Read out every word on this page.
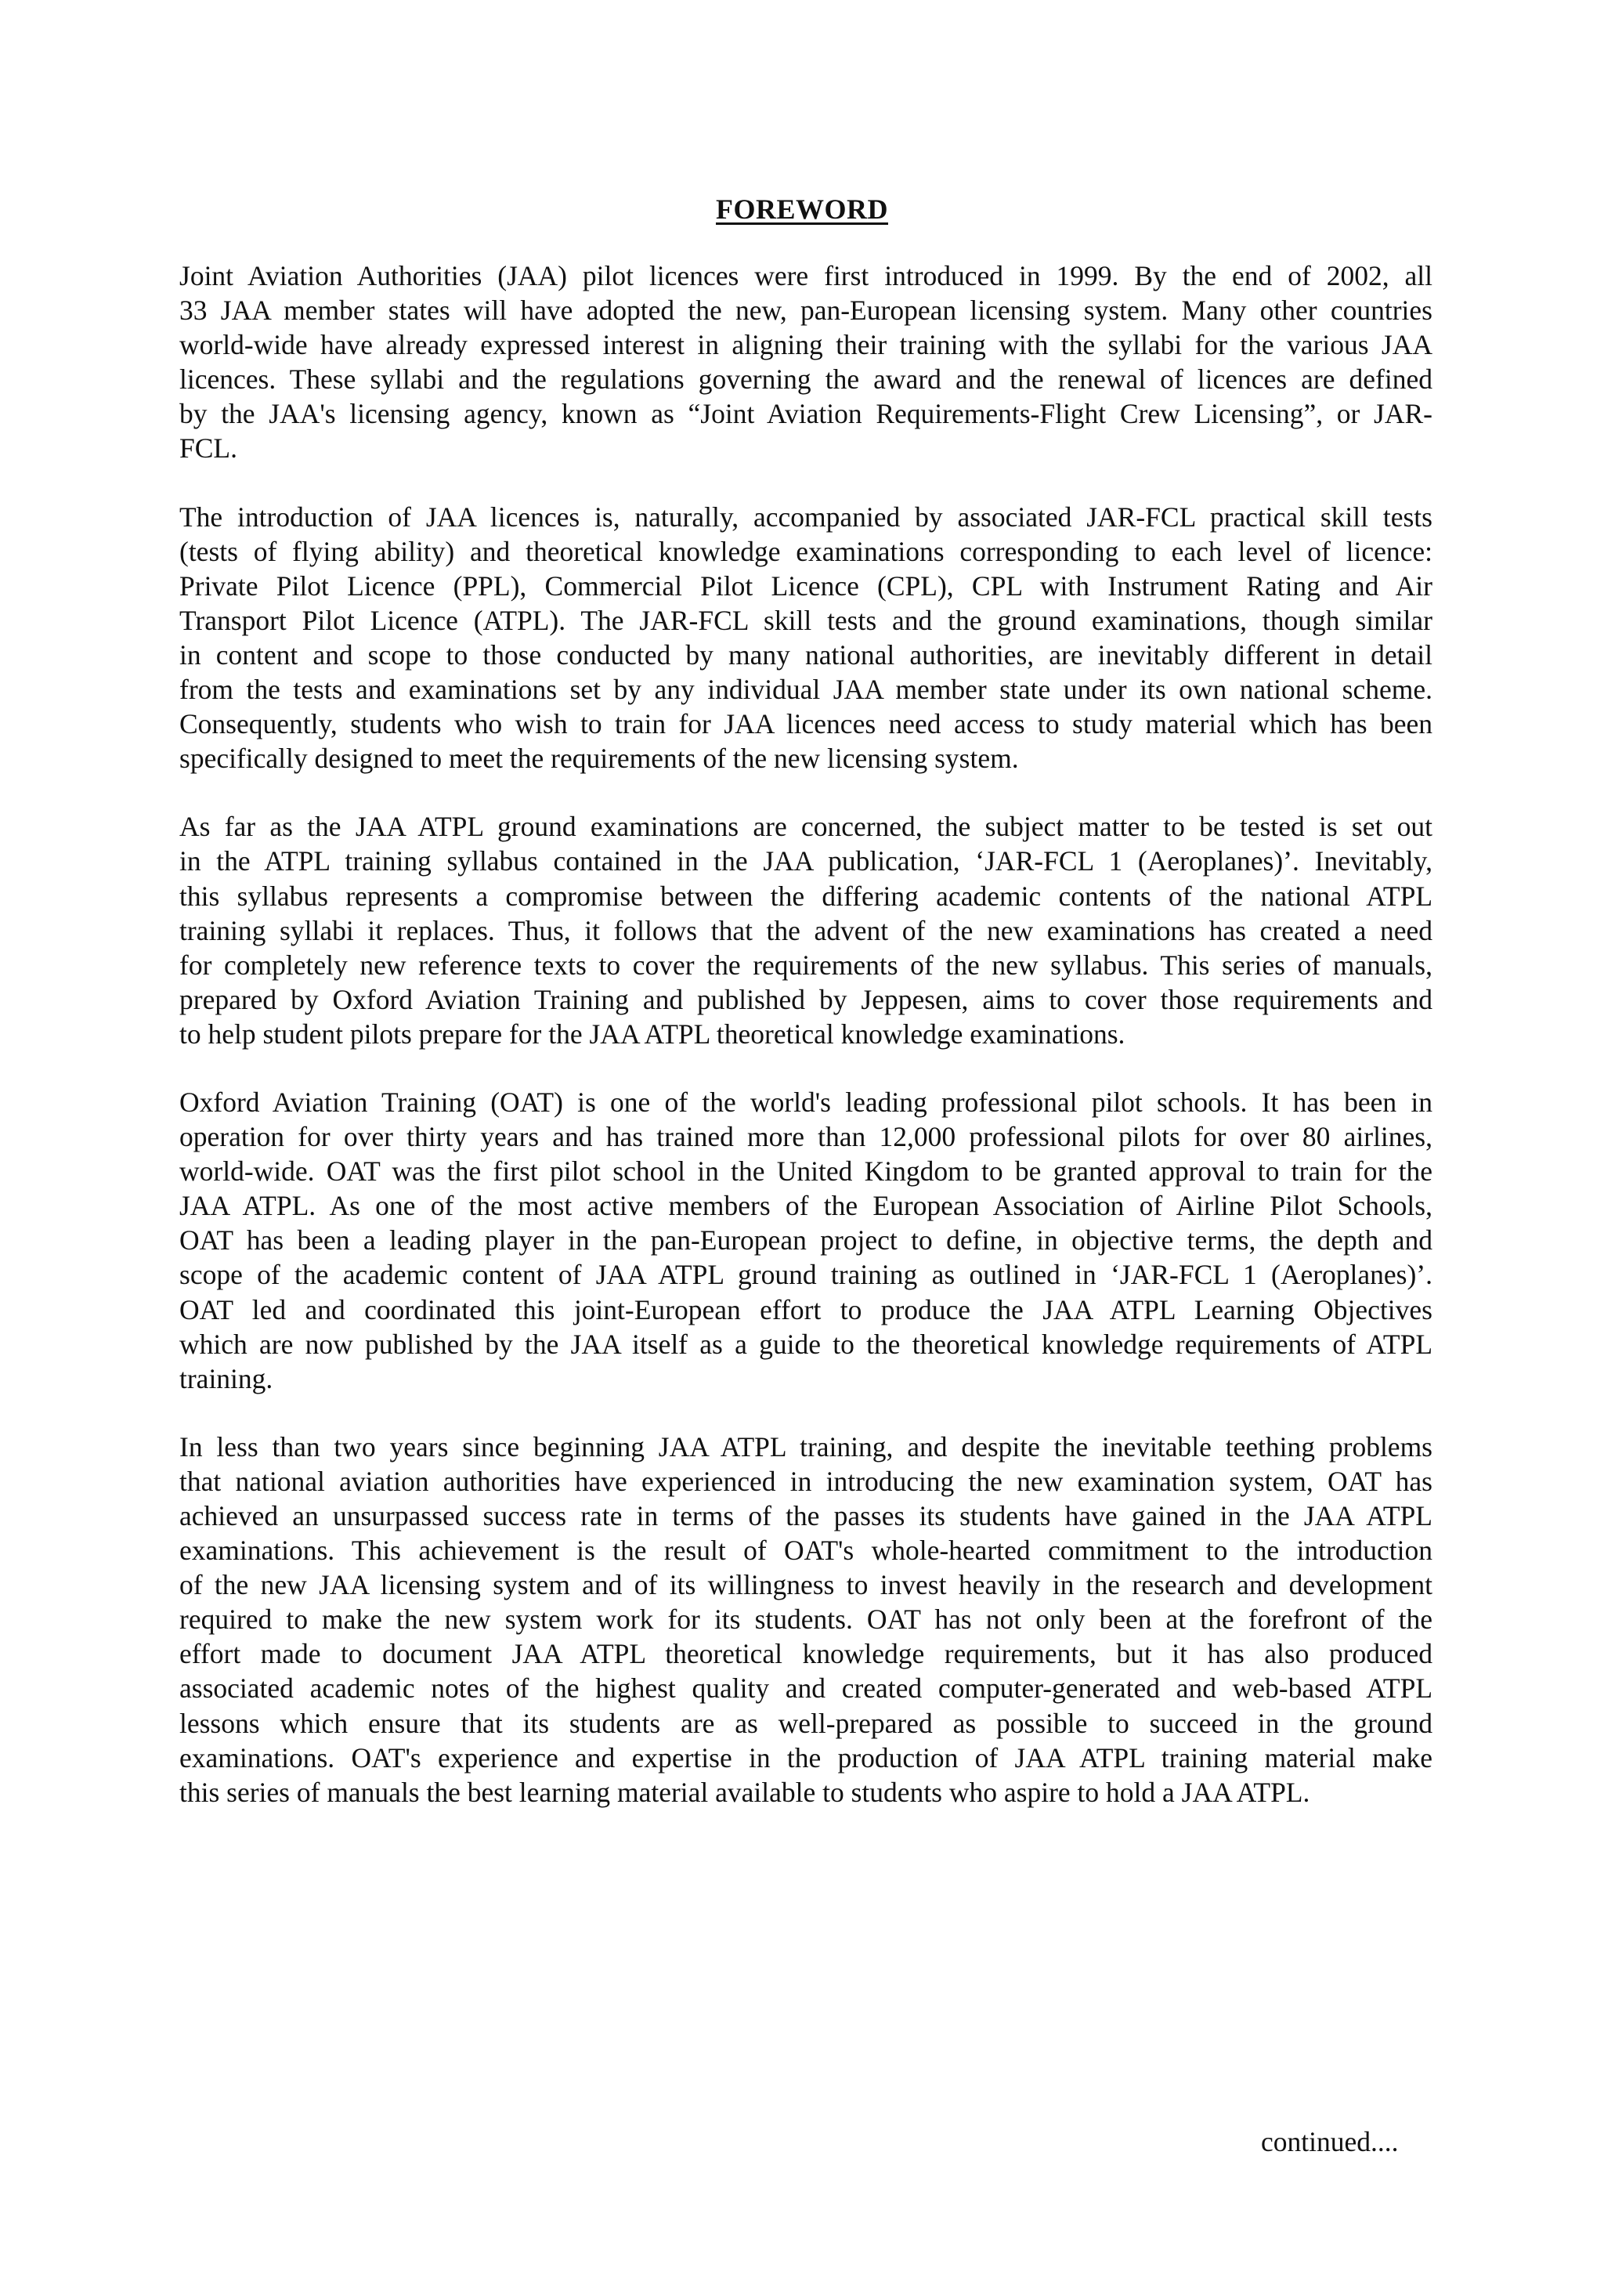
FOREWORD
Joint Aviation Authorities (JAA) pilot licences were first introduced in 1999. By the end of 2002, all
33 JAA member states will have adopted the new, pan-European licensing system. Many other countries
world-wide have already expressed interest in aligning their training with the syllabi for the various JAA
licences. These syllabi and the regulations governing the award and the renewal of licences are defined
by the JAA's licensing agency, known as “Joint Aviation Requirements-Flight Crew Licensing”, or JAR-
FCL.
The introduction of JAA licences is, naturally, accompanied by associated JAR-FCL practical skill tests
(tests of flying ability) and theoretical knowledge examinations corresponding to each level of licence:
Private Pilot Licence (PPL), Commercial Pilot Licence (CPL), CPL with Instrument Rating and Air
Transport Pilot Licence (ATPL). The JAR-FCL skill tests and the ground examinations, though similar
in content and scope to those conducted by many national authorities, are inevitably different in detail
from the tests and examinations set by any individual JAA member state under its own national scheme.
Consequently, students who wish to train for JAA licences need access to study material which has been
specifically designed to meet the requirements of the new licensing system.
As far as the JAA ATPL ground examinations are concerned, the subject matter to be tested is set out
in the ATPL training syllabus contained in the JAA publication, ‘JAR-FCL 1 (Aeroplanes)’. Inevitably,
this syllabus represents a compromise between the differing academic contents of the national ATPL
training syllabi it replaces. Thus, it follows that the advent of the new examinations has created a need
for completely new reference texts to cover the requirements of the new syllabus. This series of manuals,
prepared by Oxford Aviation Training and published by Jeppesen, aims to cover those requirements and
to help student pilots prepare for the JAA ATPL theoretical knowledge examinations.
Oxford Aviation Training (OAT) is one of the world's leading professional pilot schools. It has been in
operation for over thirty years and has trained more than 12,000 professional pilots for over 80 airlines,
world-wide. OAT was the first pilot school in the United Kingdom to be granted approval to train for the
JAA ATPL. As one of the most active members of the European Association of Airline Pilot Schools,
OAT has been a leading player in the pan-European project to define, in objective terms, the depth and
scope of the academic content of JAA ATPL ground training as outlined in ‘JAR-FCL 1 (Aeroplanes)’.
OAT led and coordinated this joint-European effort to produce the JAA ATPL Learning Objectives
which are now published by the JAA itself as a guide to the theoretical knowledge requirements of ATPL
training.
In less than two years since beginning JAA ATPL training, and despite the inevitable teething problems
that national aviation authorities have experienced in introducing the new examination system, OAT has
achieved an unsurpassed success rate in terms of the passes its students have gained in the JAA ATPL
examinations. This achievement is the result of OAT's whole-hearted commitment to the introduction
of the new JAA licensing system and of its willingness to invest heavily in the research and development
required to make the new system work for its students. OAT has not only been at the forefront of the
effort made to document JAA ATPL theoretical knowledge requirements, but it has also produced
associated academic notes of the highest quality and created computer-generated and web-based ATPL
lessons which ensure that its students are as well-prepared as possible to succeed in the ground
examinations. OAT's experience and expertise in the production of JAA ATPL training material make
this series of manuals the best learning material available to students who aspire to hold a JAA ATPL.
continued....
